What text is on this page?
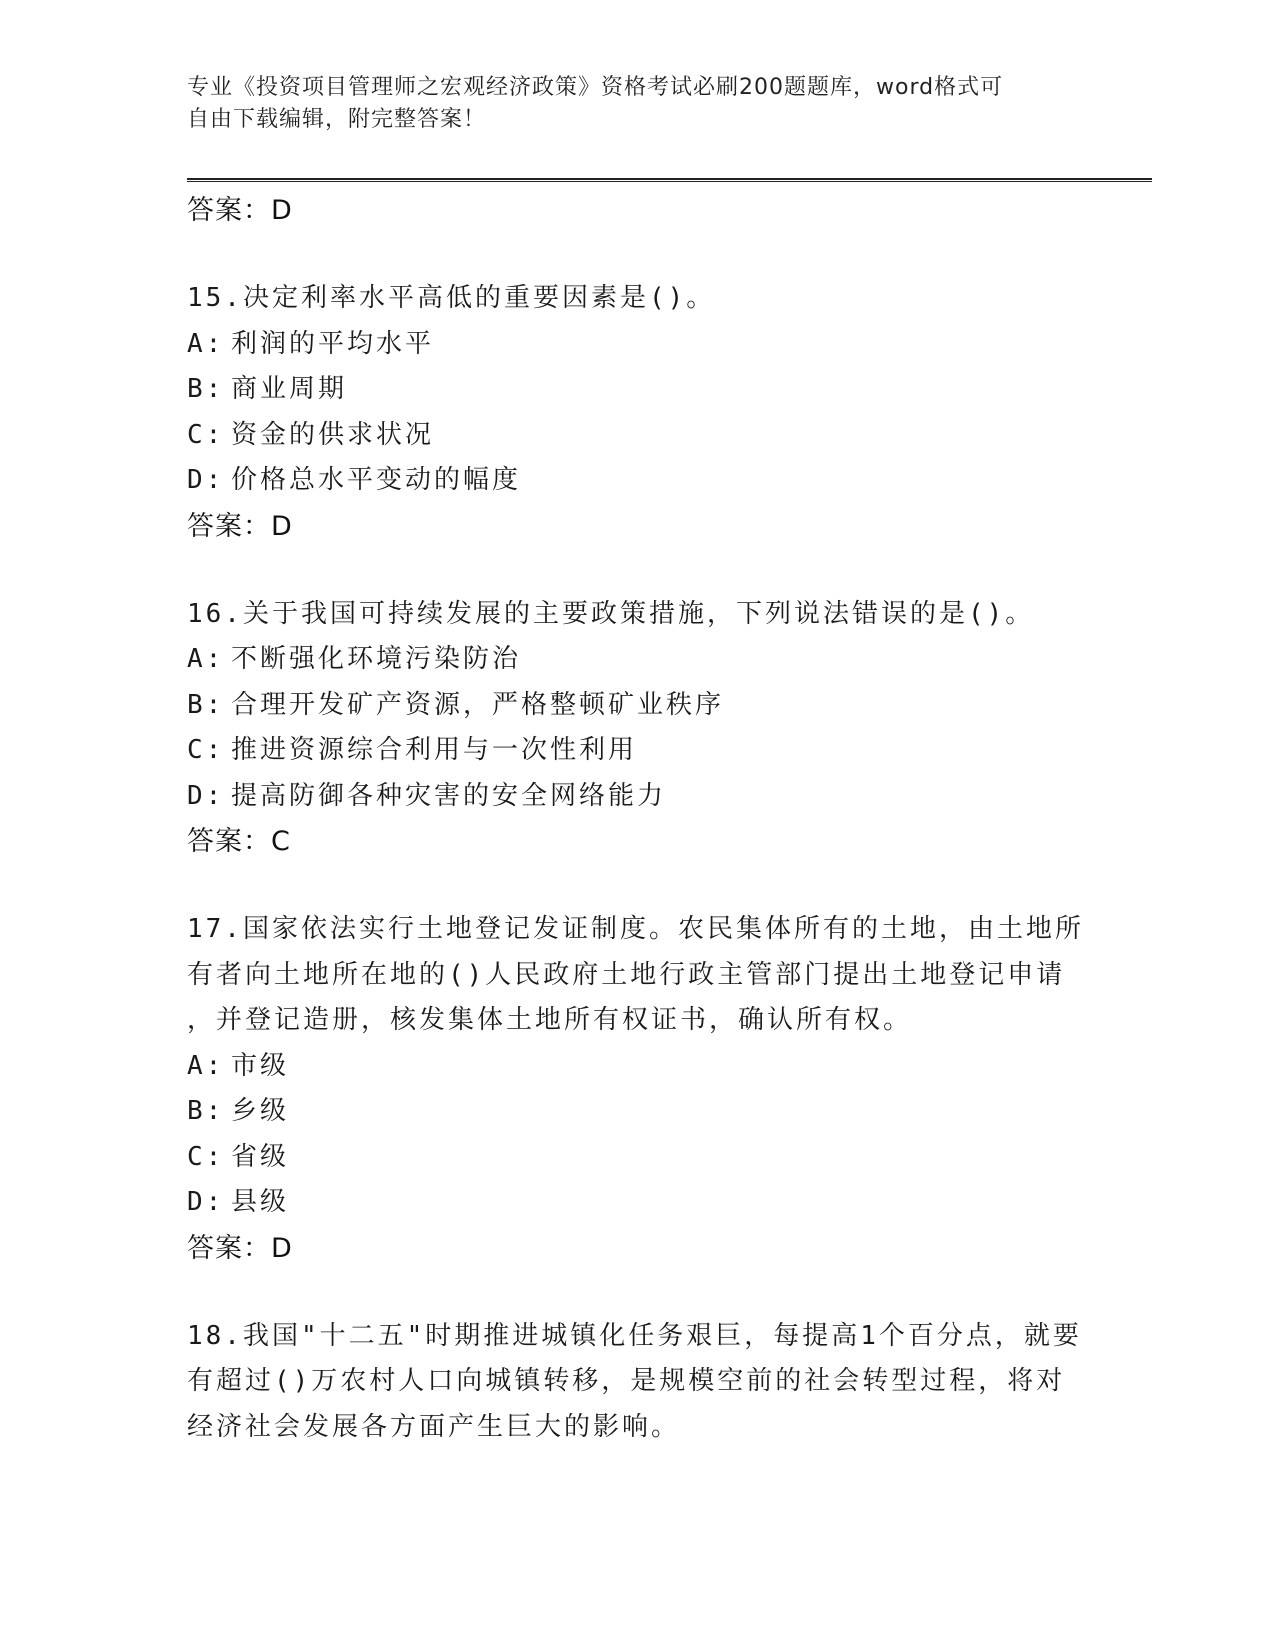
专业《投资项目管理师之宏观经济政策》资格考试必刷200题题库，word格式可
自由下载编辑，附完整答案！
答案：D
15.决定利率水平高低的重要因素是()。
A: 利润的平均水平
B: 商业周期
C: 资金的供求状况
D: 价格总水平变动的幅度
答案：D
16.关于我国可持续发展的主要政策措施，下列说法错误的是()。
A: 不断强化环境污染防治
B: 合理开发矿产资源，严格整顿矿业秩序
C: 推进资源综合利用与一次性利用
D: 提高防御各种灾害的安全网络能力
答案：C
17.国家依法实行土地登记发证制度。农民集体所有的土地，由土地所
有者向土地所在地的()人民政府土地行政主管部门提出土地登记申请
，并登记造册，核发集体土地所有权证书，确认所有权。
A: 市级
B: 乡级
C: 省级
D: 县级
答案：D
18.我国"十二五"时期推进城镇化任务艰巨，每提高1个百分点，就要
有超过()万农村人口向城镇转移，是规模空前的社会转型过程，将对
经济社会发展各方面产生巨大的影响。
